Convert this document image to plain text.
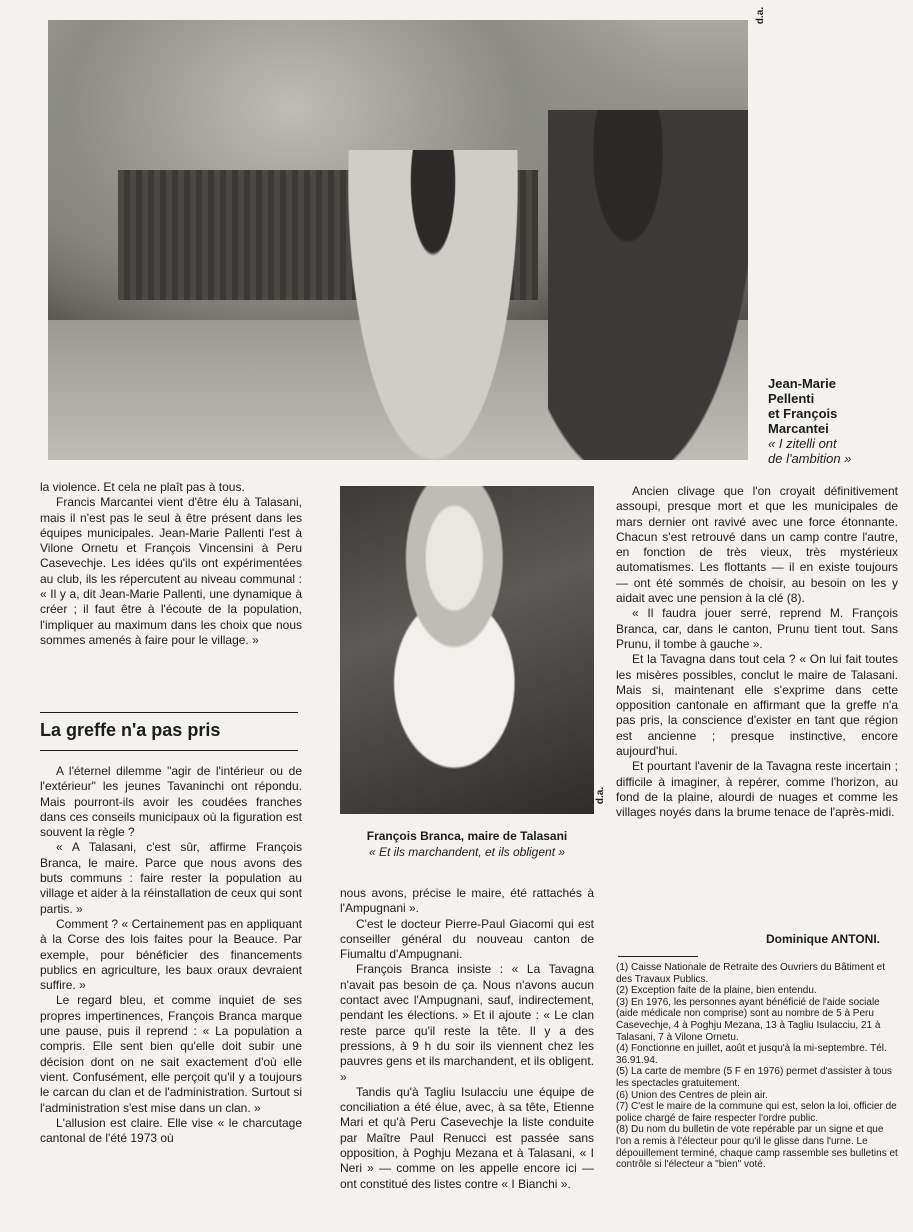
d.a.
Jean-Marie
Pellenti
et François
Marcantei
« I zitelli ont
de l'ambition »

la violence. Et cela ne plaît pas à tous.

Francis Marcantei vient d'être élu à Talasani, mais il n'est pas le seul à être présent dans les équipes municipales. Jean-Marie Pallenti l'est à Vilone Ornetu et François Vincensini à Peru Casevechje. Les idées qu'ils ont expérimentées au club, ils les répercutent au niveau communal : « Il y a, dit Jean-Marie Pallenti, une dynamique à créer ; il faut être à l'écoute de la population, l'impliquer au maximum dans les choix que nous sommes amenés à faire pour le village. »

La greffe n'a pas pris

A l'éternel dilemme "agir de l'intérieur ou de l'extérieur" les jeunes Tavaninchi ont répondu. Mais pourront-ils avoir les coudées franches dans ces conseils municipaux où la figuration est souvent la règle ?

« A Talasani, c'est sûr, affirme François Branca, le maire. Parce que nous avons des buts communs : faire rester la population au village et aider à la réinstallation de ceux qui sont partis. »

Comment ? « Certainement pas en appliquant à la Corse des lois faites pour la Beauce. Par exemple, pour bénéficier des financements publics en agriculture, les baux oraux devraient suffire. »

Le regard bleu, et comme inquiet de ses propres impertinences, François Branca marque une pause, puis il reprend : « La population a compris. Elle sent bien qu'elle doit subir une décision dont on ne sait exactement d'où elle vient. Confusément, elle perçoit qu'il y a toujours le carcan du clan et de l'administration. Surtout si l'administration s'est mise dans un clan. »

L'allusion est claire. Elle vise « le charcutage cantonal de l'été 1973 où

d.a.
François Branca, maire de Talasani
« Et ils marchandent, et ils obligent »

nous avons, précise le maire, été rattachés à l'Ampugnani ».

C'est le docteur Pierre-Paul Giacomi qui est conseiller général du nouveau canton de Fiumaltu d'Ampugnani.

François Branca insiste : « La Tavagna n'avait pas besoin de ça. Nous n'avons aucun contact avec l'Ampugnani, sauf, indirectement, pendant les élections. » Et il ajoute : « Le clan reste parce qu'il reste la tête. Il y a des pressions, à 9 h du soir ils viennent chez les pauvres gens et ils marchandent, et ils obligent. »

Tandis qu'à Tagliu Isulacciu une équipe de conciliation a été élue, avec, à sa tête, Etienne Mari et qu'à Peru Casevechje la liste conduite par Maître Paul Renucci est passée sans opposition, à Poghju Mezana et à Talasani, « I Neri » — comme on les appelle encore ici — ont constitué des listes contre « I Bianchi ».

Ancien clivage que l'on croyait définitivement assoupi, presque mort et que les municipales de mars dernier ont ravivé avec une force étonnante. Chacun s'est retrouvé dans un camp contre l'autre, en fonction de très vieux, très mystérieux automatismes. Les flottants — il en existe toujours — ont été sommés de choisir, au besoin on les y aidait avec une pension à la clé (8).

« Il faudra jouer serré, reprend M. François Branca, car, dans le canton, Prunu tient tout. Sans Prunu, il tombe à gauche ».

Et la Tavagna dans tout cela ? « On lui fait toutes les misères possibles, conclut le maire de Talasani. Mais si, maintenant elle s'exprime dans cette opposition cantonale en affirmant que la greffe n'a pas pris, la conscience d'exister en tant que région est ancienne ; presque instinctive, encore aujourd'hui.

Et pourtant l'avenir de la Tavagna reste incertain ; difficile à imaginer, à repérer, comme l'horizon, au fond de la plaine, alourdi de nuages et comme les villages noyés dans la brume tenace de l'après-midi.

Dominique ANTONI.
(1) Caisse Nationale de Retraite des Ouvriers du Bâtiment et des Travaux Publics.
(2) Exception faite de la plaine, bien entendu.
(3) En 1976, les personnes ayant bénéficié de l'aide sociale (aide médicale non comprise) sont au nombre de 5 à Peru Casevechje, 4 à Poghju Mezana, 13 à Tagliu Isulacciu, 21 à Talasani, 7 à Vilone Ornetu.
(4) Fonctionne en juillet, août et jusqu'à la mi-septembre. Tél. 36.91.94.
(5) La carte de membre (5 F en 1976) permet d'assister à tous les spectacles gratuitement.
(6) Union des Centres de plein air.
(7) C'est le maire de la commune qui est, selon la loi, officier de police chargé de faire respecter l'ordre public.
(8) Du nom du bulletin de vote repérable par un signe et que l'on a remis à l'électeur pour qu'il le glisse dans l'urne. Le dépouillement terminé, chaque camp rassemble ses bulletins et contrôle si l'électeur a "bien" voté.
